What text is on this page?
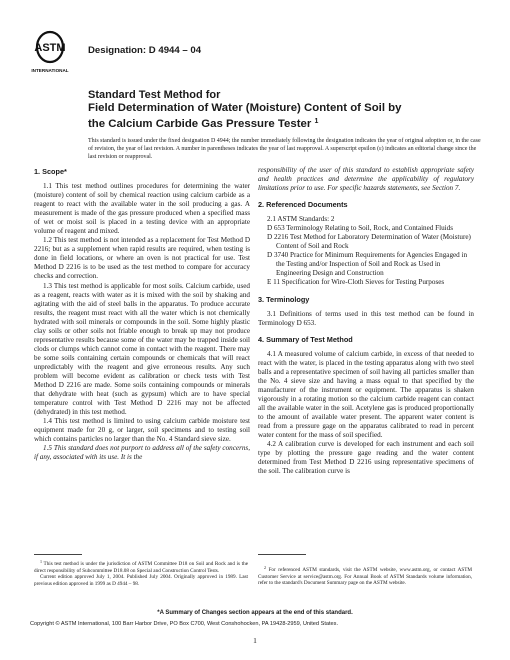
ASTM
INTERNATIONAL
Designation: D 4944 – 04
Standard Test Method for
Field Determination of Water (Moisture) Content of Soil by
the Calcium Carbide Gas Pressure Tester $^1$
This standard is issued under the fixed designation D 4944; the number immediately following the designation indicates the year of original adoption or, in the case of revision, the year of last revision. A number in parentheses indicates the year of last reapproval. A superscript epsilon (ε) indicates an editorial change since the last revision or reapproval.
1. Scope*

1.1 This test method outlines procedures for determining the water (moisture) content of soil by chemical reaction using calcium carbide as a reagent to react with the available water in the soil producing a gas. A measurement is made of the gas pressure produced when a specified mass of wet or moist soil is placed in a testing device with an appropriate volume of reagent and mixed.

1.2 This test method is not intended as a replacement for Test Method D 2216; but as a supplement when rapid results are required, when testing is done in field locations, or where an oven is not practical for use. Test Method D 2216 is to be used as the test method to compare for accuracy checks and correction.

1.3 This test method is applicable for most soils. Calcium carbide, used as a reagent, reacts with water as it is mixed with the soil by shaking and agitating with the aid of steel balls in the apparatus. To produce accurate results, the reagent must react with all the water which is not chemically hydrated with soil minerals or compounds in the soil. Some highly plastic clay soils or other soils not friable enough to break up may not produce representative results because some of the water may be trapped inside soil clods or clumps which cannot come in contact with the reagent. There may be some soils containing certain compounds or chemicals that will react unpredictably with the reagent and give erroneous results. Any such problem will become evident as calibration or check tests with Test Method D 2216 are made. Some soils containing compounds or minerals that dehydrate with heat (such as gypsum) which are to have special temperature control with Test Method D 2216 may not be affected (dehydrated) in this test method.

1.4 This test method is limited to using calcium carbide moisture test equipment made for 20 g, or larger, soil specimens and to testing soil which contains particles no larger than the No. 4 Standard sieve size.

1.5 This standard does not purport to address all of the safety concerns, if any, associated with its use. It is the

responsibility of the user of this standard to establish appropriate safety and health practices and determine the applicability of regulatory limitations prior to use. For specific hazards statements, see Section 7.

2. Referenced Documents

2.1 ASTM Standards: 2

D 653 Terminology Relating to Soil, Rock, and Contained Fluids

D 2216 Test Method for Laboratory Determination of Water (Moisture) Content of Soil and Rock

D 3740 Practice for Minimum Requirements for Agencies Engaged in the Testing and/or Inspection of Soil and Rock as Used in Engineering Design and Construction

E 11 Specification for Wire-Cloth Sieves for Testing Purposes

3. Terminology

3.1 Definitions of terms used in this test method can be found in Terminology D 653.

4. Summary of Test Method

4.1 A measured volume of calcium carbide, in excess of that needed to react with the water, is placed in the testing apparatus along with two steel balls and a representative specimen of soil having all particles smaller than the No. 4 sieve size and having a mass equal to that specified by the manufacturer of the instrument or equipment. The apparatus is shaken vigorously in a rotating motion so the calcium carbide reagent can contact all the available water in the soil. Acetylene gas is produced proportionally to the amount of available water present. The apparent water content is read from a pressure gage on the apparatus calibrated to read in percent water content for the mass of soil specified.

4.2 A calibration curve is developed for each instrument and each soil type by plotting the pressure gage reading and the water content determined from Test Method D 2216 using representative specimens of the soil. The calibration curve is

$^1$ This test method is under the jurisdiction of ASTM Committee D18 on Soil and Rock and is the direct responsibility of Subcommittee D18.08 on Special and Construction Control Tests.

Current edition approved July 1, 2004. Published July 2004. Originally approved in 1989. Last previous edition approved in 1999 as D 4944 – 98.

$^2$ For referenced ASTM standards, visit the ASTM website, www.astm.org, or contact ASTM Customer Service at service@astm.org. For Annual Book of ASTM Standards volume information, refer to the standard's Document Summary page on the ASTM website.

*A Summary of Changes section appears at the end of this standard.
Copyright © ASTM International, 100 Barr Harbor Drive, PO Box C700, West Conshohocken, PA 19428-2959, United States.
1
